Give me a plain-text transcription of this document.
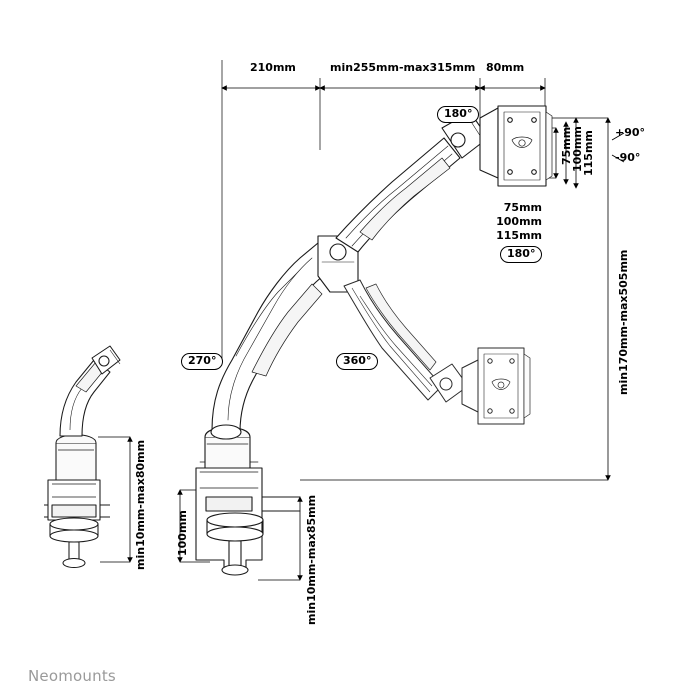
210mm	min255mm-max315mm 80mm
75mm
100mm
115mm +90°
-90°
75mm
100mm
115mm
min170mm-max505mm
100mm	min10mm-max85mm
min10mm-max80mm
180°
180°
270°	360°
Neomounts
